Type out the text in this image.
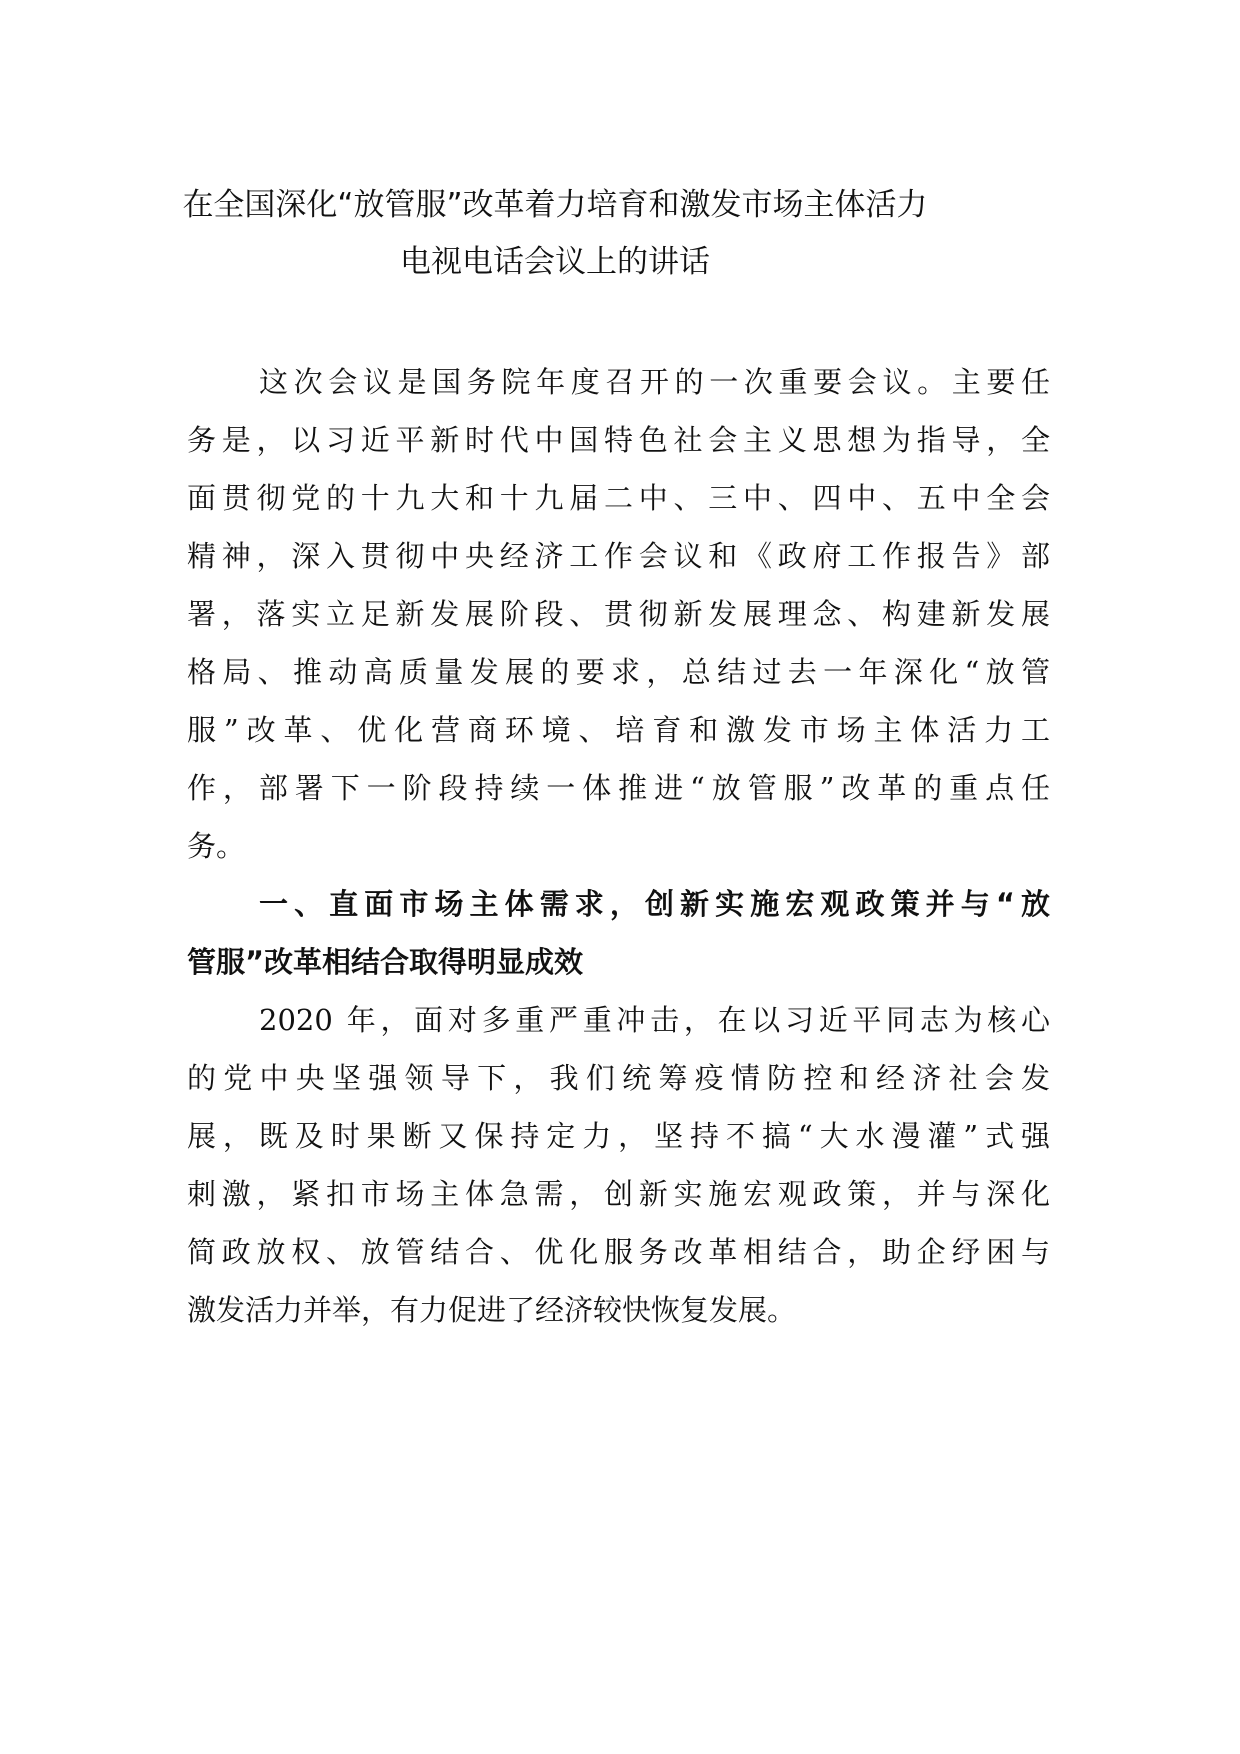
在全国深化“放管服”改革着力培育和激发市场主体活力
电视电话会议上的讲话
这次会议是国务院年度召开的一次重要会议。主要任
务是，以习近平新时代中国特色社会主义思想为指导，全
面贯彻党的十九大和十九届二中、三中、四中、五中全会
精神，深入贯彻中央经济工作会议和《政府工作报告》部
署，落实立足新发展阶段、贯彻新发展理念、构建新发展
格局、推动高质量发展的要求，总结过去一年深化“放管
服”改革、优化营商环境、培育和激发市场主体活力工
作，部署下一阶段持续一体推进“放管服”改革的重点任
务。
一、直面市场主体需求，创新实施宏观政策并与“放
管服”改革相结合取得明显成效
2020 年，面对多重严重冲击，在以习近平同志为核心
的党中央坚强领导下，我们统筹疫情防控和经济社会发
展，既及时果断又保持定力，坚持不搞“大水漫灌”式强
刺激，紧扣市场主体急需，创新实施宏观政策，并与深化
简政放权、放管结合、优化服务改革相结合，助企纾困与
激发活力并举，有力促进了经济较快恢复发展。
